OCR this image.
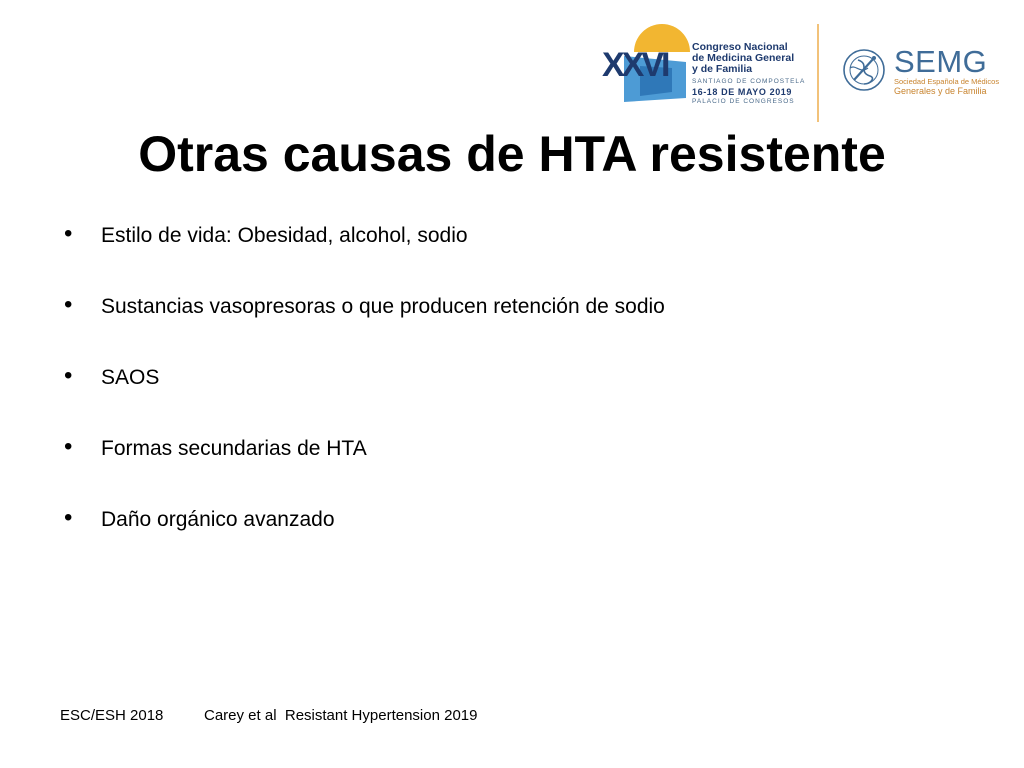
XXVI Congreso Nacional
de Medicina General
y de Familia
SANTIAGO DE COMPOSTELA
16-18 DE MAYO 2019
PALACIO DE CONGRESOS
SEMG
Sociedad Española de Médicos
Generales y de Familia
Otras causas de HTA resistente
•	Estilo de vida: Obesidad, alcohol, sodio
•	Sustancias vasopresoras o que producen retención de sodio
•	SAOS
•	Formas secundarias de HTA
•	Daño orgánico avanzado
ESC/ESH 2018	Carey et al  Resistant Hypertension 2019
